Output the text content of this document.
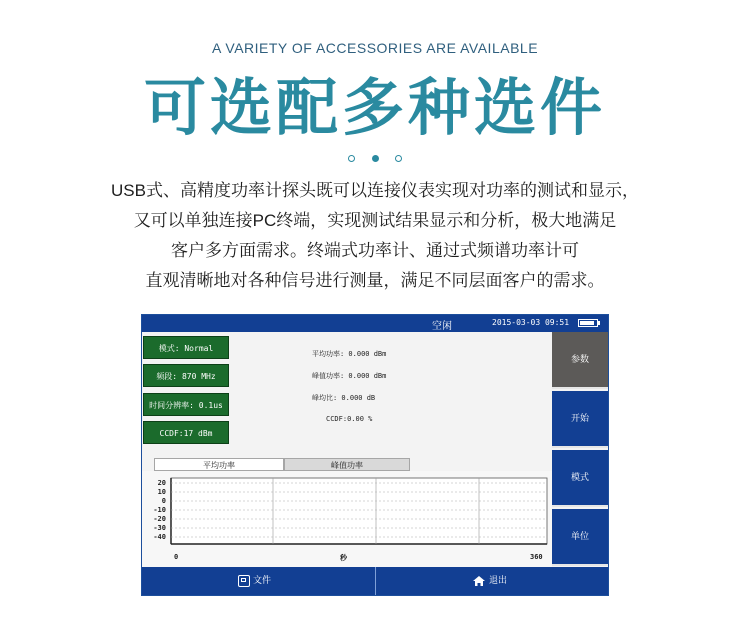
A VARIETY OF ACCESSORIES ARE AVAILABLE
可选配多种选件

USB式、高精度功率计探头既可以连接仪表实现对功率的测试和显示，
又可以单独连接PC终端，实现测试结果显示和分析，极大地满足
客户多方面需求。终端式功率计、通过式频谱功率计可
直观清晰地对各种信号进行测量，满足不同层面客户的需求。
空闲	2015-03-03 09:51
模式: Normal
频段: 870 MHz
时间分辨率: 0.1us
CCDF:17 dBm
平均功率: 0.000 dBm
峰值功率: 0.000 dBm
峰均比: 0.000 dB
CCDF:0.00 %
参数
开始
模式
单位
平均功率	峰值功率
20
10
0
-10
-20
-30
-40
0	秒	360
文件	退出
